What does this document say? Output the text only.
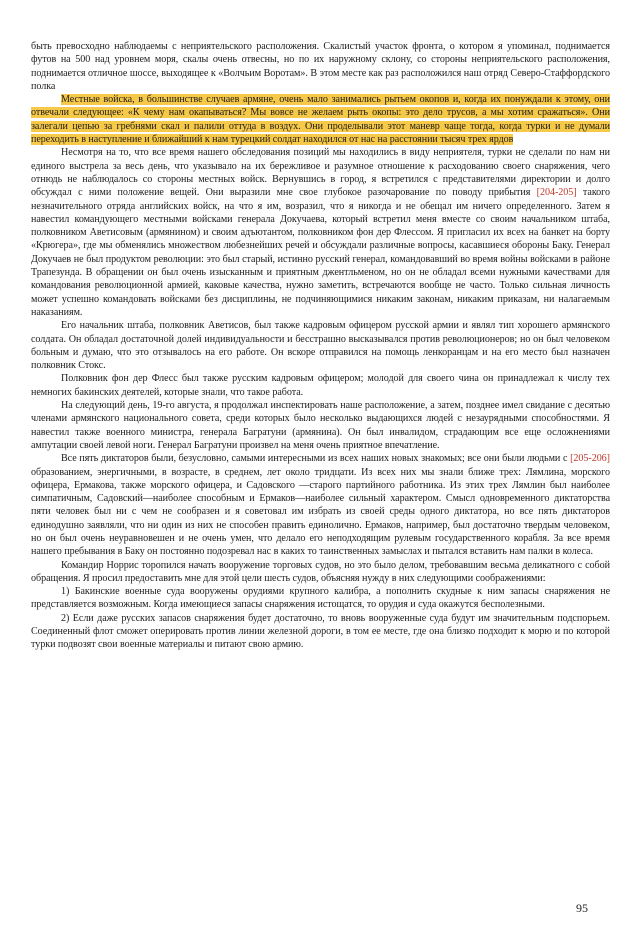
быть превосходно наблюдаемы с неприятельского расположения. Скалистый участок фронта, о котором я упоминал, поднимается футов на 500 над уровнем моря, скалы очень отвесны, но по их наружному склону, со стороны неприятельского расположения, поднимается отличное шоссе, выходящее к «Волчьим Воротам». В этом месте как раз расположился наш отряд Северо-Стаффордского полка

Местные войска, в большинстве случаев армяне, очень мало занимались рытьем окопов и, когда их понуждали к этому, они отвечали следующее: «К чему нам окапываться? Мы вовсе не желаем рыть окопы: это дело трусов, а мы хотим сражаться». Они залегали цепью за гребнями скал и палили оттуда в воздух. Они проделывали этот маневр чаще тогда, когда турки и не думали переходить в наступление и ближайший к нам турецкий солдат находился от нас на расстоянии тысяч трех ярдов

Несмотря на то, что все время нашего обследования позиций мы находились в виду неприятеля, турки не сделали по нам ни единого выстрела за весь день, что указывало на их бережливое и разумное отношение к расходованию своего снаряжения, чего отнюдь не наблюдалось со стороны местных войск. Вернувшись в город, я встретился с представителями директории и долго обсуждал с ними положение вещей. Они выразили мне свое глубокое разочарование по поводу прибытия [204-205] такого незначительного отряда английских войск, на что я им, возразил, что я никогда и не обещал им ничего определенного. Затем я навестил командующего местными войсками генерала Докучаева, который встретил меня вместе со своим начальником штаба, полковником Аветисовым (армянином) и своим адъютантом, полковником фон дер Флессом. Я пригласил их всех на банкет на борту «Крюгера», где мы обменялись множеством любезнейших речей и обсуждали различные вопросы, касавшиеся обороны Баку. Генерал Докучаев не был продуктом революции: это был старый, истинно русский генерал, командовавший во время войны войсками в районе Трапезунда. В обращении он был очень изысканным и приятным джентльменом, но он не обладал всеми нужными качествами для командования революционной армией, каковые качества, нужно заметить, встречаются вообще не часто. Только сильная личность может успешно командовать войсками без дисциплины, не подчиняющимися никаким законам, никаким приказам, ни налагаемым наказаниям.

Его начальник штаба, полковник Аветисов, был также кадровым офицером русской армии и являл тип хорошего армянского солдата. Он обладал достаточной долей индивидуальности и бесстрашно высказывался против революционеров; но он был человеком больным и думаю, что это отзывалось на его работе. Он вскоре отправился на помощь ленкоранцам и на его место был назначен полковник Стокс.

Полковник фон дер Флесс был также русским кадровым офицером; молодой для своего чина он принадлежал к числу тех немногих бакинских деятелей, которые знали, что такое работа.

На следующий день, 19-го августа, я продолжал инспектировать наше расположение, а затем, позднее имел свидание с десятью членами армянского национального совета, среди которых было несколько выдающихся людей с незаурядными способностями. Я навестил также военного министра, генерала Багратуни (армянина). Он был инвалидом, страдающим все еще осложнениями ампутации своей левой ноги. Генерал Багратуни произвел на меня очень приятное впечатление.

Все пять диктаторов были, безусловно, самыми интересными из всех наших новых знакомых; все они были людьми с [205-206] образованием, энергичными, в возрасте, в среднем, лет около тридцати. Из всех них мы знали ближе трех: Лямлина, морского офицера, Ермакова, также морского офицера, и Садовского —старого партийного работника. Из этих трех Лямлин был наиболее симпатичным, Садовский—наиболее способным и Ермаков—наиболее сильный характером. Смысл одновременного диктаторства пяти человек был ни с чем не сообразен и я советовал им избрать из своей среды одного диктатора, но все пять диктаторов единодушно заявляли, что ни один из них не способен править единолично. Ермаков, например, был достаточно твердым человеком, но он был очень неуравновешен и не очень умен, что делало его неподходящим рулевым государственного корабля. За все время нашего пребывания в Баку он постоянно подозревал нас в каких то таинственных замыслах и пытался вставить нам палки в колеса.

Командир Норрис торопился начать вооружение торговых судов, но это было делом, требовавшим весьма деликатного с собой обращения. Я просил предоставить мне для этой цели шесть судов, объясняя нужду в них следующими соображениями:

1) Бакинские военные суда вооружены орудиями крупного калибра, а пополнить скудные к ним запасы снаряжения не представляется возможным. Когда имеющиеся запасы снаряжения истощатся, то орудия и суда окажутся бесполезными.

2) Если даже русских запасов снаряжения будет достаточно, то вновь вооруженные суда будут им значительным подспорьем. Соединенный флот сможет оперировать против линии железной дороги, в том ее месте, где она близко подходит к морю и по которой турки подвозят свои военные материалы и питают свою армию.

95
